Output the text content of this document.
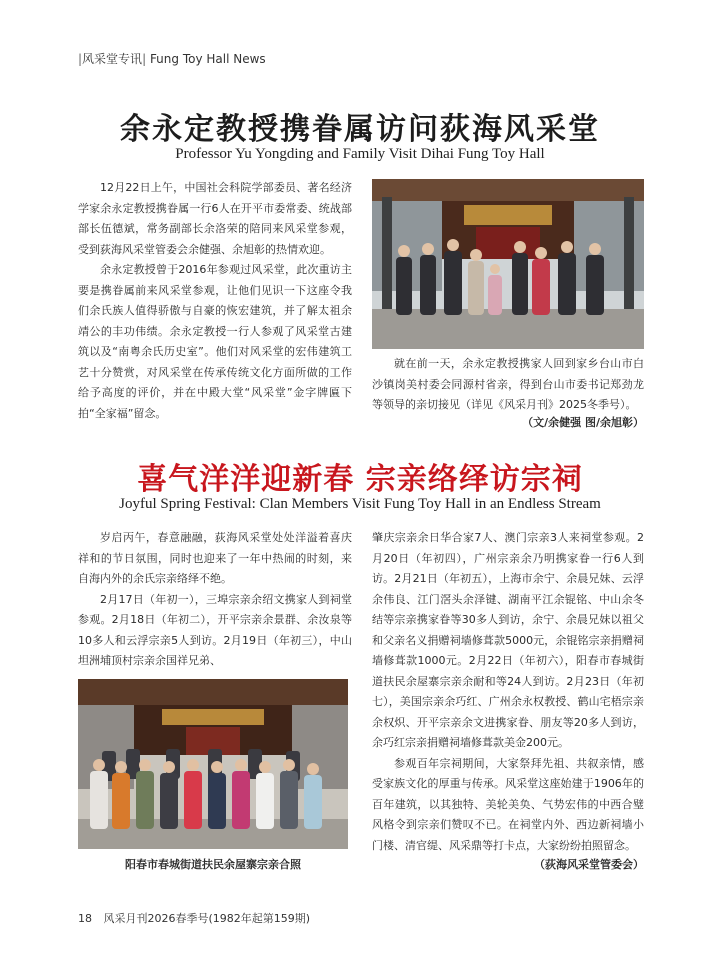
|风采堂专讯| Fung Toy Hall News
余永定教授携眷属访问荻海风采堂
Professor Yu Yongding and Family Visit Dihai Fung Toy Hall

12月22日上午，中国社会科院学部委员、著名经济学家余永定教授携眷属一行6人在开平市委常委、统战部部长伍德斌，常务副部长余洛荣的陪同来风采堂参观，受到荻海风采堂管委会余健强、余旭彰的热情欢迎。

余永定教授曾于2016年参观过风采堂，此次重访主要是携眷属前来风采堂参观，让他们见识一下这座令我们余氏族人值得骄傲与自豪的恢宏建筑，并了解太祖余靖公的丰功伟绩。余永定教授一行人参观了风采堂古建筑以及“南粤余氏历史室”。他们对风采堂的宏伟建筑工艺十分赞赏，对风采堂在传承传统文化方面所做的工作给予高度的评价，并在中殿大堂“风采堂”金字牌匾下拍“全家福”留念。

就在前一天，余永定教授携家人回到家乡台山市白沙镇岗美村委会同源村省亲，得到台山市委书记郑劲龙等领导的亲切接见（详见《风采月刊》2025冬季号）。

（文/余健强 图/余旭彰）
喜气洋洋迎新春 宗亲络绎访宗祠
Joyful Spring Festival: Clan Members Visit Fung Toy Hall in an Endless Stream

岁启丙午，春意融融，荻海风采堂处处洋溢着喜庆祥和的节日氛围，同时也迎来了一年中热闹的时刻，来自海内外的余氏宗亲络绎不绝。

2月17日（年初一），三埠宗亲余绍文携家人到祠堂参观。2月18日（年初二），开平宗亲余景群、余汝泉等10多人和云浮宗亲5人到访。2月19日（年初三），中山坦洲埔顶村宗亲余国祥兄弟、

阳春市春城街道扶民余屋寨宗亲合照

肇庆宗亲余日华合家7人、澳门宗亲3人来祠堂参观。2月20日（年初四），广州宗亲余乃明携家眷一行6人到访。2月21日（年初五），上海市余宁、余晨兄妹、云浮余伟良、江门滘头余泽键、湖南平江余锟铭、中山余冬结等宗亲携家眷等30多人到访，余宁、余晨兄妹以祖父和父亲名义捐赠祠墙修葺款5000元，余锟铭宗亲捐赠祠墙修葺款1000元。2月22日（年初六），阳春市春城街道扶民余屋寨宗亲余耐和等24人到访。2月23日（年初七），美国宗亲余巧红、广州余永权教授、鹤山宅梧宗亲余权炽、开平宗亲余文进携家眷、朋友等20多人到访，余巧红宗亲捐赠祠墙修葺款美金200元。

参观百年宗祠期间，大家祭拜先祖、共叙亲情，感受家族文化的厚重与传承。风采堂这座始建于1906年的百年建筑，以其独特、美轮美奂、气势宏伟的中西合璧风格令到宗亲们赞叹不已。在祠堂内外、西边新祠墙小门楼、清官缇、风采鼎等打卡点，大家纷纷拍照留念。

（荻海风采堂管委会）
18 风采月刊2026春季号(1982年起第159期)
